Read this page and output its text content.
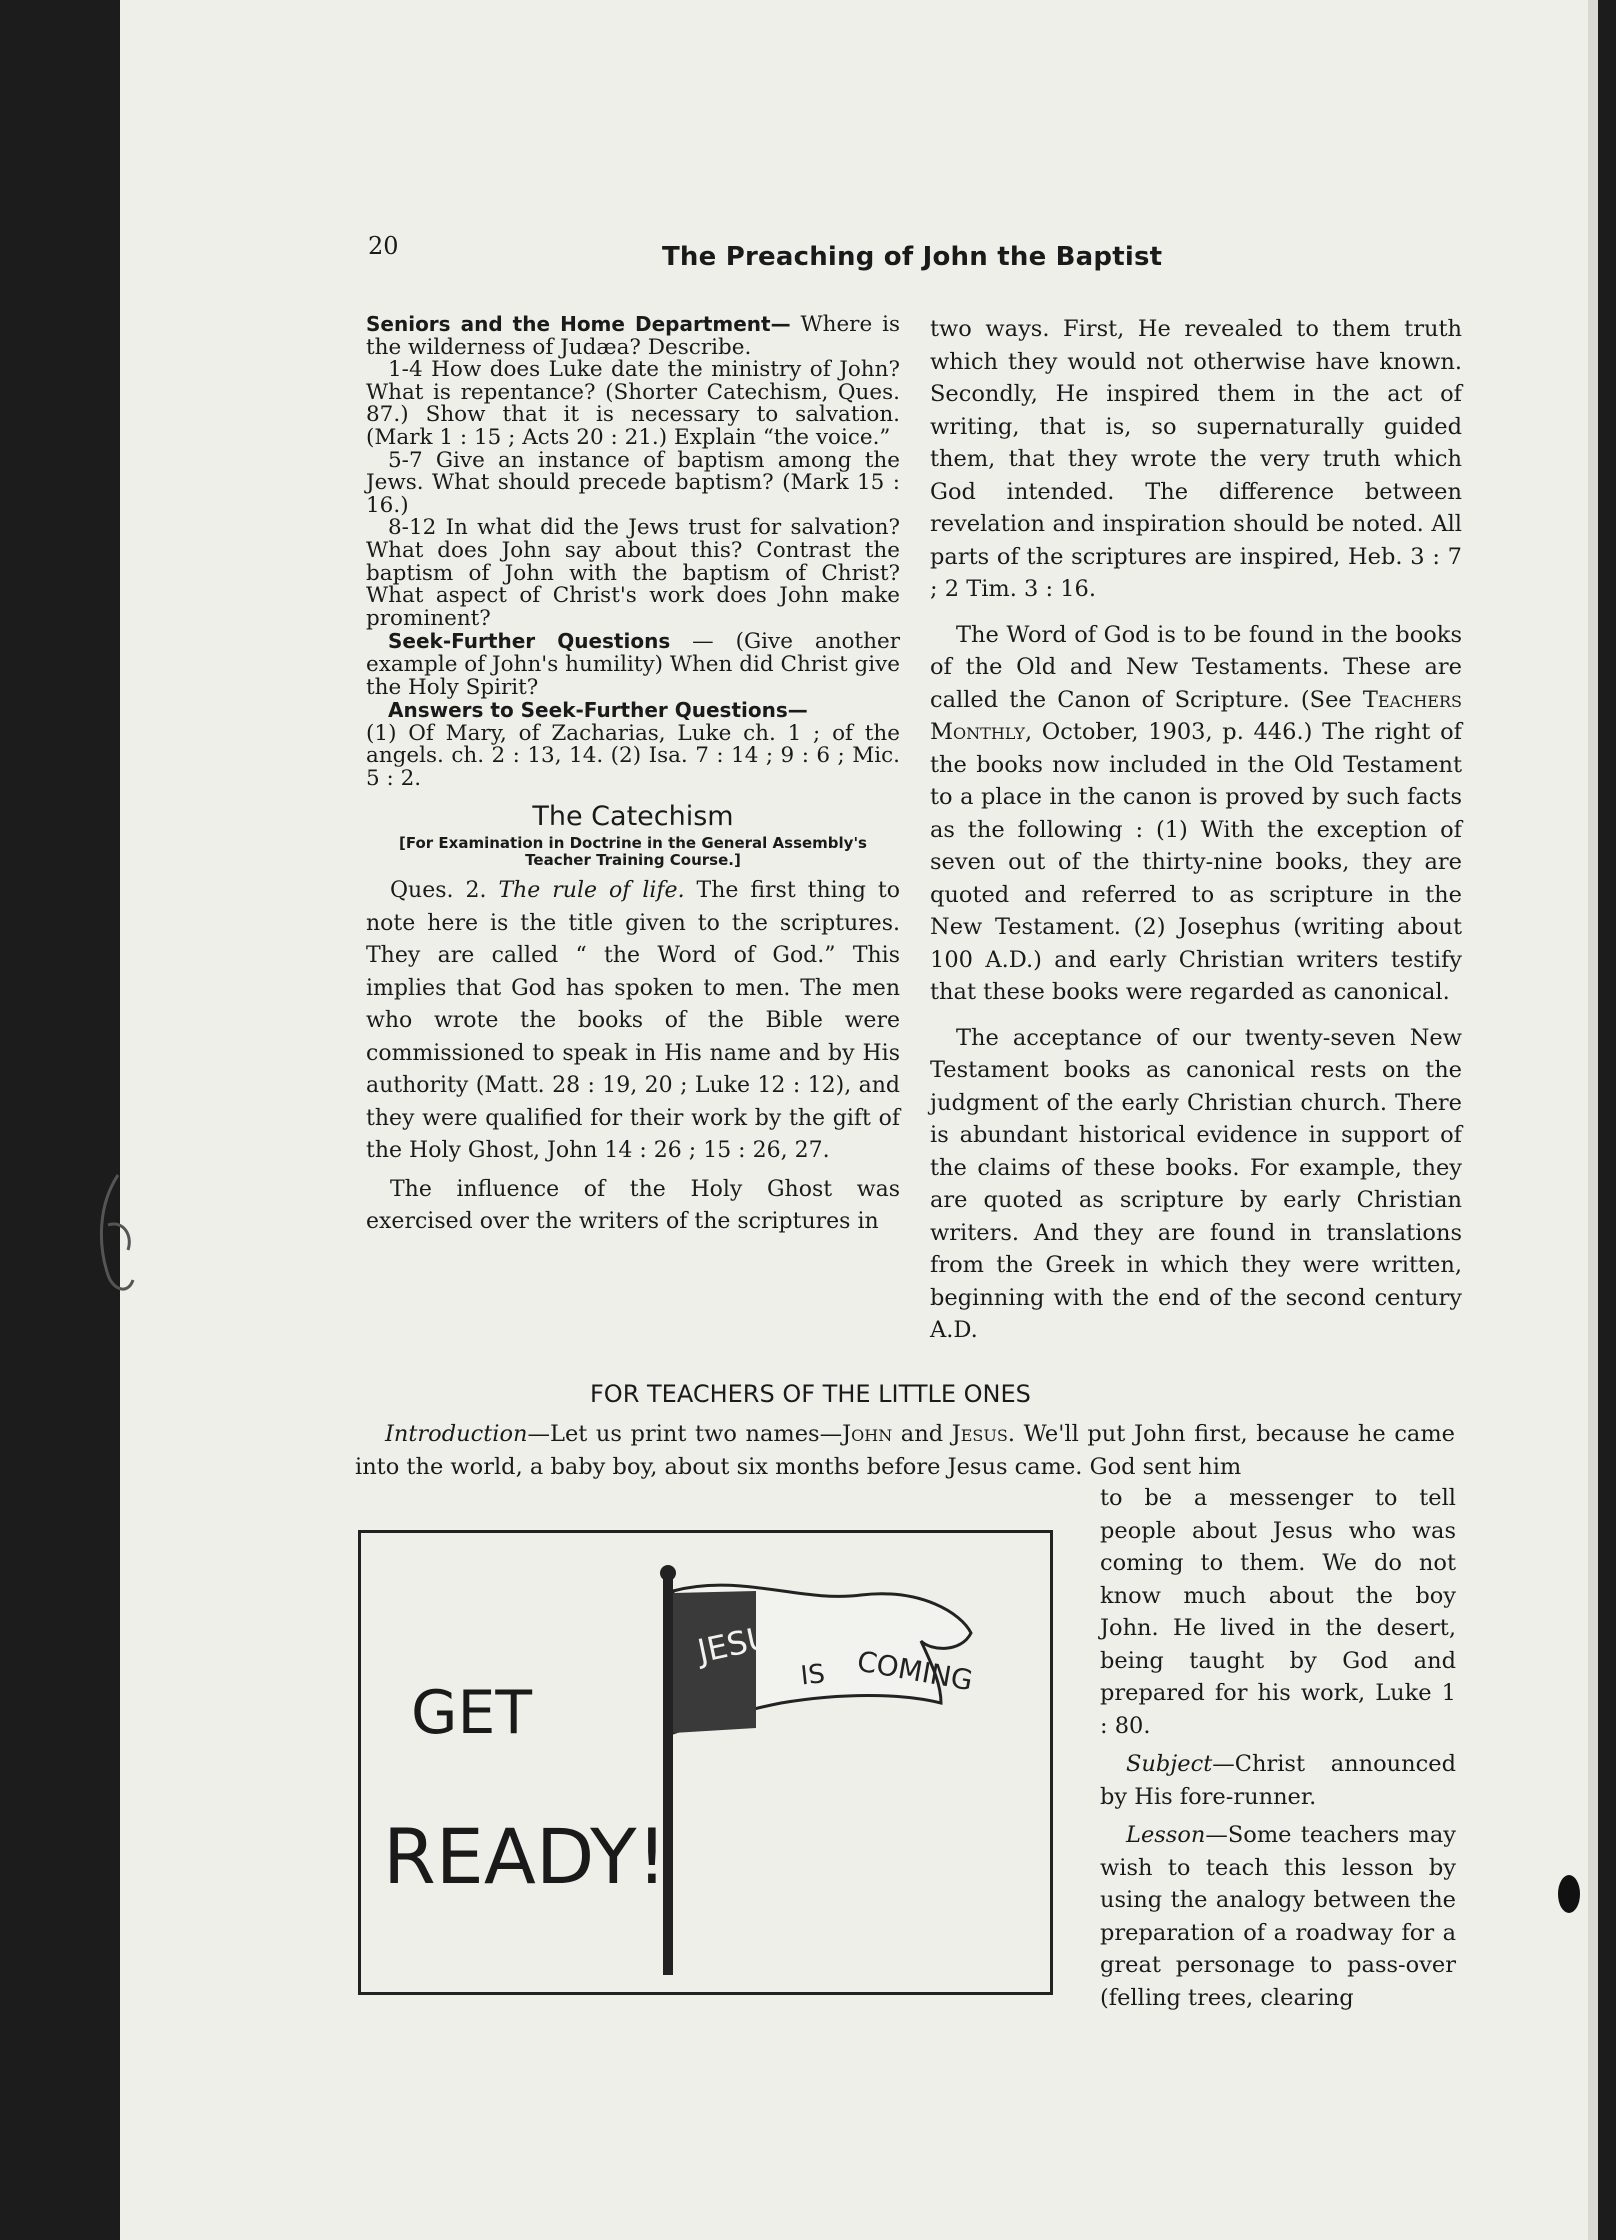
20	The Preaching of John the Baptist

Seniors and the Home Department— Where is the wilderness of Judæa? Describe.

1-4 How does Luke date the ministry of John? What is repentance? (Shorter Catechism, Ques. 87.) Show that it is necessary to salvation. (Mark 1 : 15 ; Acts 20 : 21.) Explain “the voice.”

5-7 Give an instance of baptism among the Jews. What should precede baptism? (Mark 15 : 16.)

8-12 In what did the Jews trust for salvation? What does John say about this? Contrast the baptism of John with the baptism of Christ? What aspect of Christ's work does John make prominent?

Seek-Further Questions — (Give another example of John's humility) When did Christ give the Holy Spirit?

Answers to Seek-Further Questions—

(1) Of Mary, of Zacharias, Luke ch. 1 ; of the angels. ch. 2 : 13, 14. (2) Isa. 7 : 14 ; 9 : 6 ; Mic. 5 : 2.

The Catechism
[For Examination in Doctrine in the General Assembly's Teacher Training Course.]

Ques. 2. The rule of life. The first thing to note here is the title given to the scriptures. They are called “ the Word of God.” This implies that God has spoken to men. The men who wrote the books of the Bible were commissioned to speak in His name and by His authority (Matt. 28 : 19, 20 ; Luke 12 : 12), and they were qualified for their work by the gift of the Holy Ghost, John 14 : 26 ; 15 : 26, 27.

The influence of the Holy Ghost was exercised over the writers of the scriptures in

two ways. First, He revealed to them truth which they would not otherwise have known. Secondly, He inspired them in the act of writing, that is, so supernaturally guided them, that they wrote the very truth which God intended. The difference between revelation and inspiration should be noted. All parts of the scriptures are inspired, Heb. 3 : 7 ; 2 Tim. 3 : 16.

The Word of God is to be found in the books of the Old and New Testaments. These are called the Canon of Scripture. (See Teachers Monthly, October, 1903, p. 446.) The right of the books now included in the Old Testament to a place in the canon is proved by such facts as the following : (1) With the exception of seven out of the thirty-nine books, they are quoted and referred to as scripture in the New Testament. (2) Josephus (writing about 100 A.D.) and early Christian writers testify that these books were regarded as canonical.

The acceptance of our twenty-seven New Testament books as canonical rests on the judgment of the early Christian church. There is abundant historical evidence in support of the claims of these books. For example, they are quoted as scripture by early Christian writers. And they are found in translations from the Greek in which they were written, beginning with the end of the second century A.D.

FOR TEACHERS OF THE LITTLE ONES

Introduction—Let us print two names—John and Jesus. We'll put John first, because he came into the world, a baby boy, about six months before Jesus came. God sent him

to be a messenger to tell people about Jesus who was coming to them. We do not know much about the boy John. He lived in the desert, being taught by God and prepared for his work, Luke 1 : 80.

Subject—Christ announced by His fore-runner.

Lesson—Some teachers may wish to teach this lesson by using the analogy between the preparation of a roadway for a great personage to pass-over (felling trees, clearing

JESUS
IS COMING
GET
READY!
